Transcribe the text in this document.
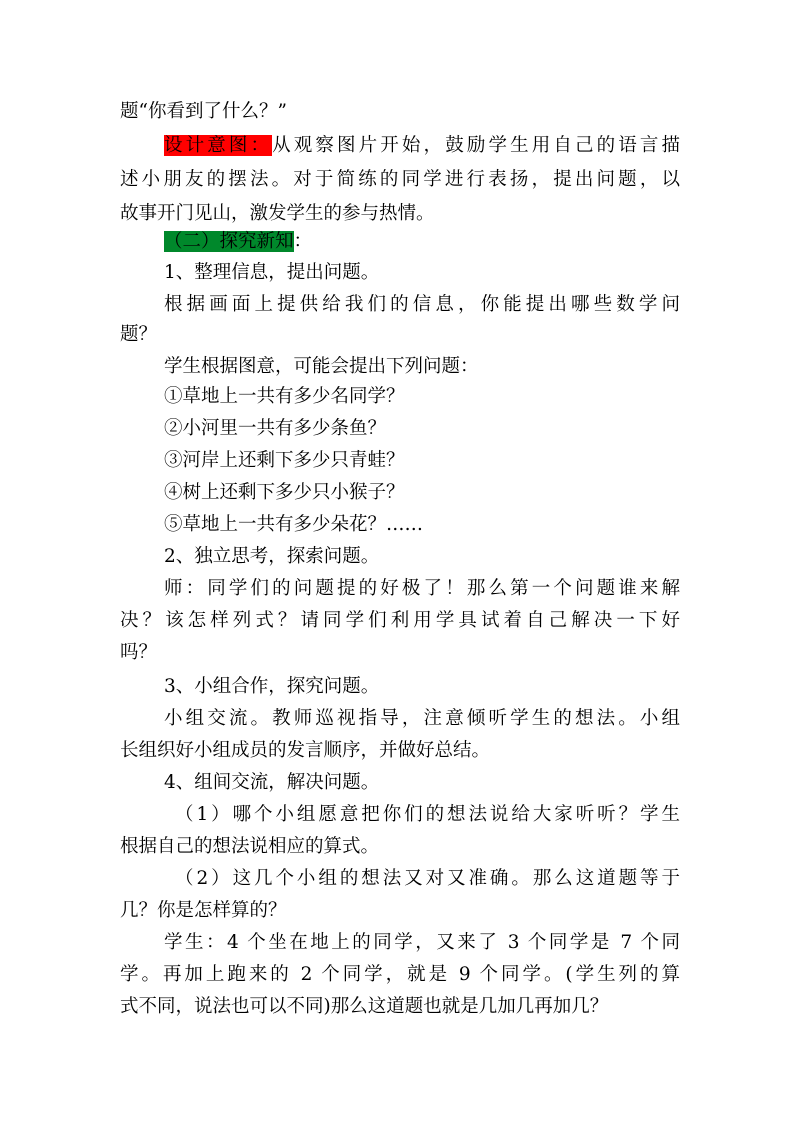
题“你看到了什么？”
设计意图：从观察图片开始，鼓励学生用自己的语言描
述小朋友的摆法。对于简练的同学进行表扬，提出问题，以
故事开门见山，激发学生的参与热情。
（二）探究新知：
1、整理信息，提出问题。
根据画面上提供给我们的信息，你能提出哪些数学问
题？
学生根据图意，可能会提出下列问题：
①草地上一共有多少名同学？
②小河里一共有多少条鱼？
③河岸上还剩下多少只青蛙？
④树上还剩下多少只小猴子？
⑤草地上一共有多少朵花？……
2、独立思考，探索问题。
师：同学们的问题提的好极了！那么第一个问题谁来解
决？该怎样列式？请同学们利用学具试着自己解决一下好
吗？
3、小组合作，探究问题。
小组交流。教师巡视指导，注意倾听学生的想法。小组
长组织好小组成员的发言顺序，并做好总结。
4、组间交流，解决问题。
（1）哪个小组愿意把你们的想法说给大家听听？学生
根据自己的想法说相应的算式。
（2）这几个小组的想法又对又准确。那么这道题等于
几？你是怎样算的？
学生：4 个坐在地上的同学，又来了 3 个同学是 7 个同
学。再加上跑来的 2 个同学，就是 9 个同学。(学生列的算
式不同，说法也可以不同)那么这道题也就是几加几再加几？
